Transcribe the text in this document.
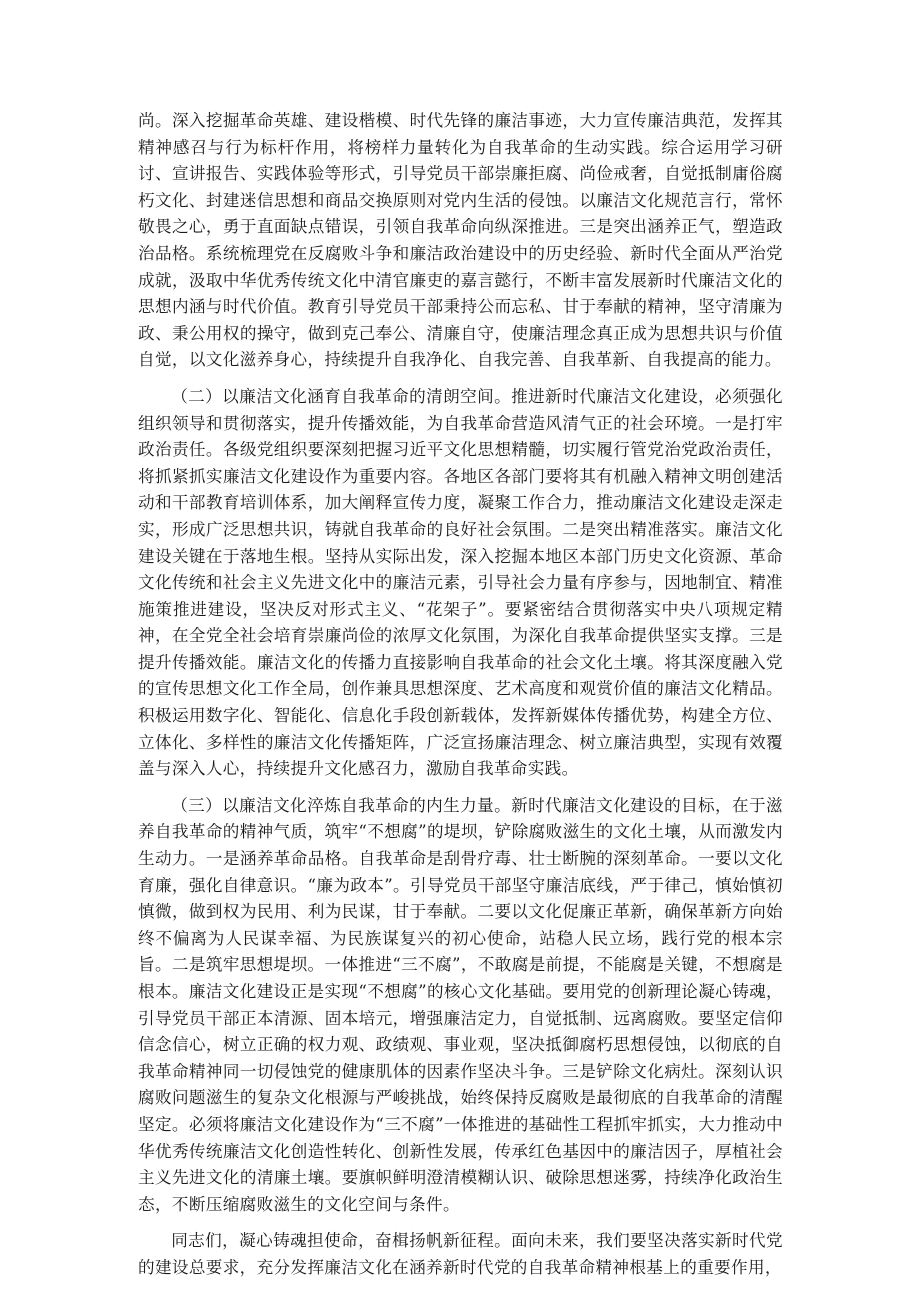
尚。深入挖掘革命英雄、建设楷模、时代先锋的廉洁事迹，大力宣传廉洁典范，发挥其精神感召与行为标杆作用，将榜样力量转化为自我革命的生动实践。综合运用学习研讨、宣讲报告、实践体验等形式，引导党员干部崇廉拒腐、尚俭戒奢，自觉抵制庸俗腐朽文化、封建迷信思想和商品交换原则对党内生活的侵蚀。以廉洁文化规范言行，常怀敬畏之心，勇于直面缺点错误，引领自我革命向纵深推进。三是突出涵养正气，塑造政治品格。系统梳理党在反腐败斗争和廉洁政治建设中的历史经验、新时代全面从严治党成就，汲取中华优秀传统文化中清官廉吏的嘉言懿行，不断丰富发展新时代廉洁文化的思想内涵与时代价值。教育引导党员干部秉持公而忘私、甘于奉献的精神，坚守清廉为政、秉公用权的操守，做到克己奉公、清廉自守，使廉洁理念真正成为思想共识与价值自觉，以文化滋养身心，持续提升自我净化、自我完善、自我革新、自我提高的能力。

（二）以廉洁文化涵育自我革命的清朗空间。推进新时代廉洁文化建设，必须强化组织领导和贯彻落实，提升传播效能，为自我革命营造风清气正的社会环境。一是打牢政治责任。各级党组织要深刻把握习近平文化思想精髓，切实履行管党治党政治责任，将抓紧抓实廉洁文化建设作为重要内容。各地区各部门要将其有机融入精神文明创建活动和干部教育培训体系，加大阐释宣传力度，凝聚工作合力，推动廉洁文化建设走深走实，形成广泛思想共识，铸就自我革命的良好社会氛围。二是突出精准落实。廉洁文化建设关键在于落地生根。坚持从实际出发，深入挖掘本地区本部门历史文化资源、革命文化传统和社会主义先进文化中的廉洁元素，引导社会力量有序参与，因地制宜、精准施策推进建设，坚决反对形式主义、“花架子”。要紧密结合贯彻落实中央八项规定精神，在全党全社会培育崇廉尚俭的浓厚文化氛围，为深化自我革命提供坚实支撑。三是提升传播效能。廉洁文化的传播力直接影响自我革命的社会文化土壤。将其深度融入党的宣传思想文化工作全局，创作兼具思想深度、艺术高度和观赏价值的廉洁文化精品。积极运用数字化、智能化、信息化手段创新载体，发挥新媒体传播优势，构建全方位、立体化、多样性的廉洁文化传播矩阵，广泛宣扬廉洁理念、树立廉洁典型，实现有效覆盖与深入人心，持续提升文化感召力，激励自我革命实践。

（三）以廉洁文化淬炼自我革命的内生力量。新时代廉洁文化建设的目标，在于滋养自我革命的精神气质，筑牢“不想腐”的堤坝，铲除腐败滋生的文化土壤，从而激发内生动力。一是涵养革命品格。自我革命是刮骨疗毒、壮士断腕的深刻革命。一要以文化育廉，强化自律意识。“廉为政本”。引导党员干部坚守廉洁底线，严于律己，慎始慎初慎微，做到权为民用、利为民谋，甘于奉献。二要以文化促廉正革新，确保革新方向始终不偏离为人民谋幸福、为民族谋复兴的初心使命，站稳人民立场，践行党的根本宗旨。二是筑牢思想堤坝。一体推进“三不腐”，不敢腐是前提，不能腐是关键，不想腐是根本。廉洁文化建设正是实现“不想腐”的核心文化基础。要用党的创新理论凝心铸魂，引导党员干部正本清源、固本培元，增强廉洁定力，自觉抵制、远离腐败。要坚定信仰信念信心，树立正确的权力观、政绩观、事业观，坚决抵御腐朽思想侵蚀，以彻底的自我革命精神同一切侵蚀党的健康肌体的因素作坚决斗争。三是铲除文化病灶。深刻认识腐败问题滋生的复杂文化根源与严峻挑战，始终保持反腐败是最彻底的自我革命的清醒坚定。必须将廉洁文化建设作为“三不腐”一体推进的基础性工程抓牢抓实，大力推动中华优秀传统廉洁文化创造性转化、创新性发展，传承红色基因中的廉洁因子，厚植社会主义先进文化的清廉土壤。要旗帜鲜明澄清模糊认识、破除思想迷雾，持续净化政治生态，不断压缩腐败滋生的文化空间与条件。

同志们，凝心铸魂担使命，奋楫扬帆新征程。面向未来，我们要坚决落实新时代党的建设总要求，充分发挥廉洁文化在涵养新时代党的自我革命精神根基上的重要作用，
